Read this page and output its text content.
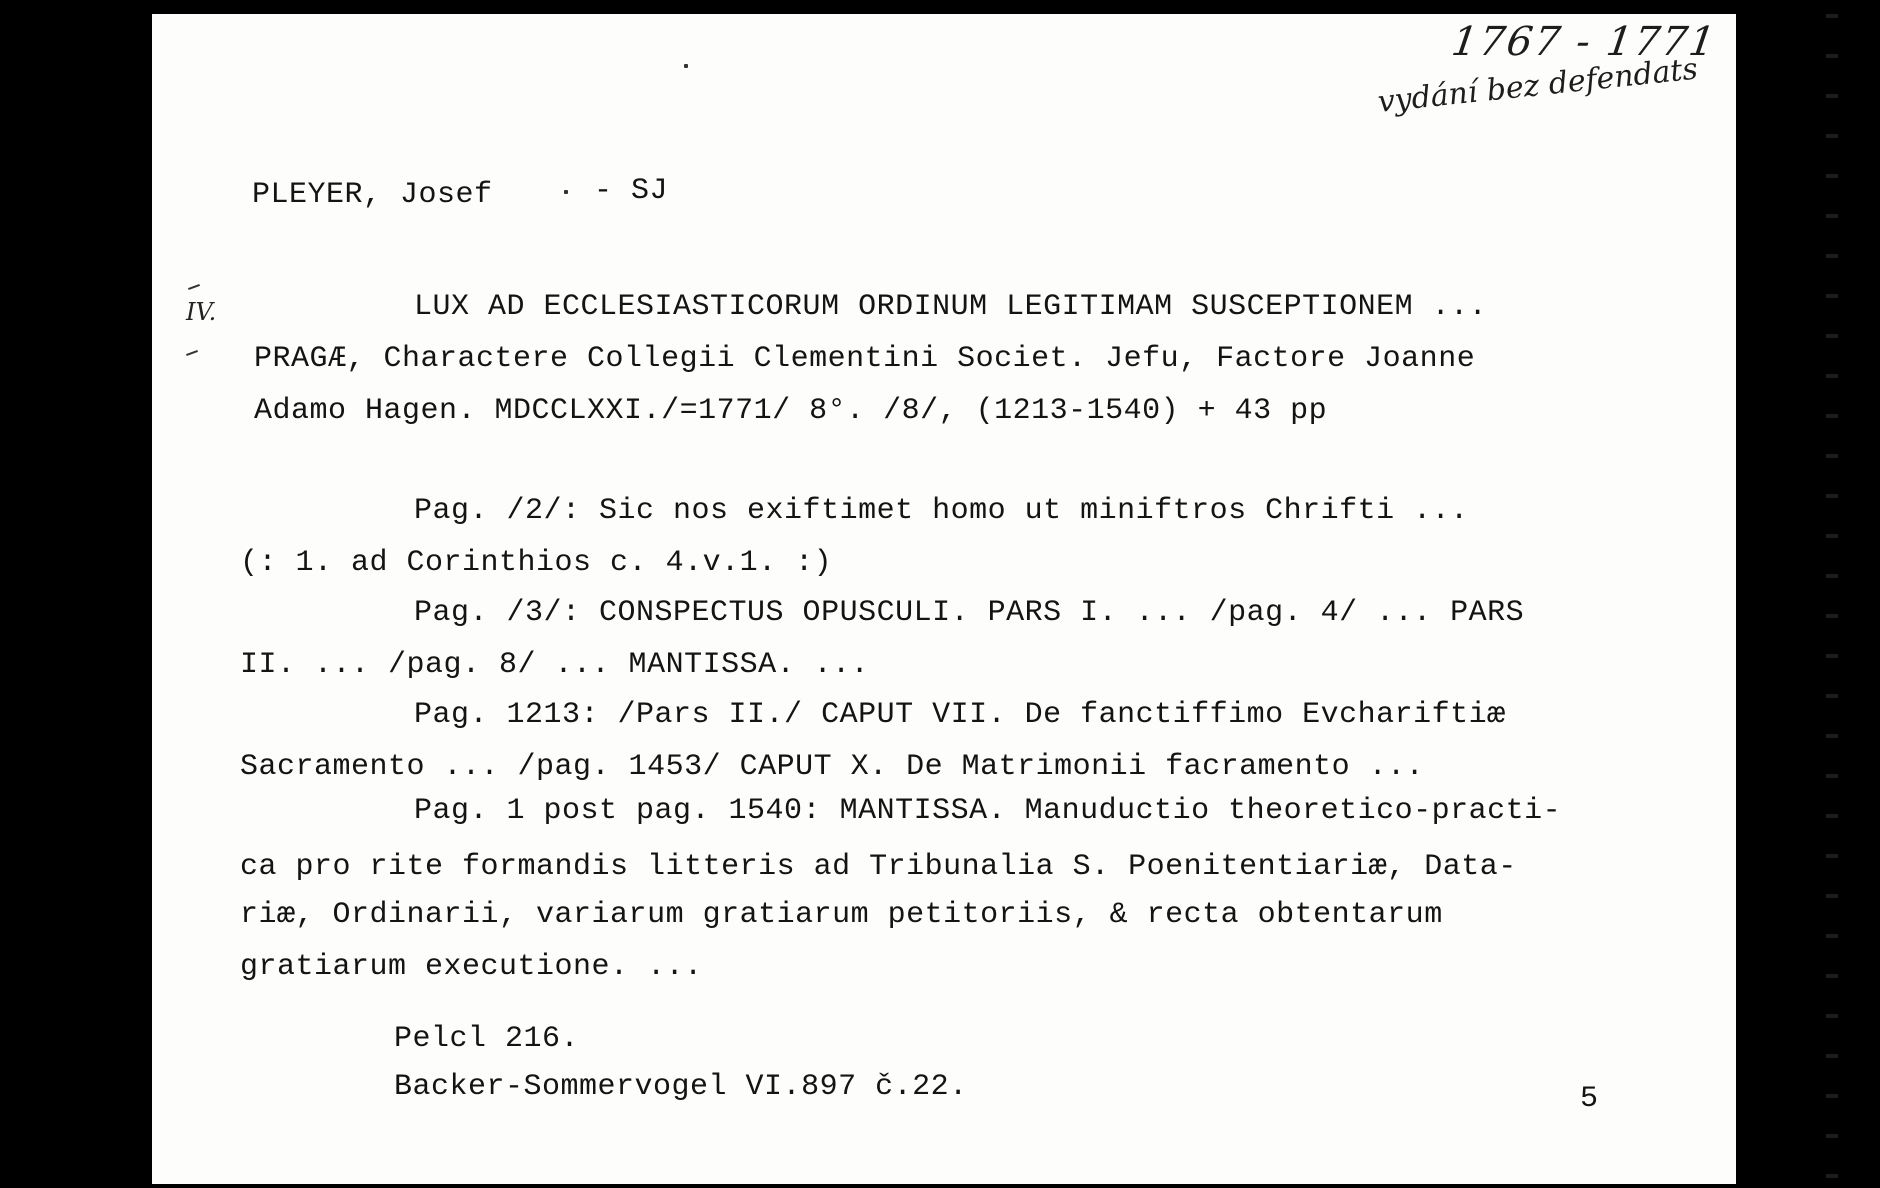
1767 - 1771
vydání bez defendats
IV.
PLEYER, Josef	- SJ
LUX AD ECCLESIASTICORUM ORDINUM LEGITIMAM SUSCEPTIONEM ...
PRAGÆ, Charactere Collegii Clementini Societ. Jefu, Factore Joanne
Adamo Hagen. MDCCLXXI./=1771/ 8°. /8/, (1213-1540) + 43 pp
Pag. /2/: Sic nos exiftimet homo ut miniftros Chrifti ...
(: 1. ad Corinthios c. 4.v.1. :)
Pag. /3/: CONSPECTUS OPUSCULI. PARS I. ... /pag. 4/ ... PARS
II. ... /pag. 8/ ... MANTISSA. ...
Pag. 1213: /Pars II./ CAPUT VII. De fanctiffimo Evchariftiæ
Sacramento ... /pag. 1453/ CAPUT X. De Matrimonii facramento ...
Pag. 1 post pag. 1540: MANTISSA. Manuductio theoretico-practi-
ca pro rite formandis litteris ad Tribunalia S. Poenitentiariæ, Data-
riæ, Ordinarii, variarum gratiarum petitoriis, & recta obtentarum
gratiarum executione. ...
Pelcl 216.
Backer-Sommervogel VI.897 č.22.	5
